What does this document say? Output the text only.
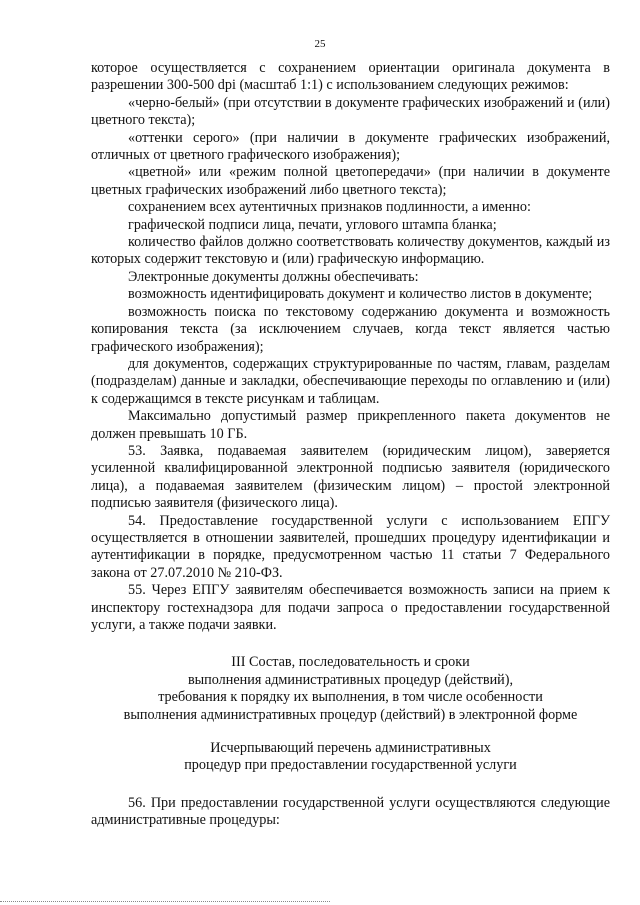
25

которое осуществляется с сохранением ориентации оригинала документа в разрешении 300-500 dpi (масштаб 1:1) с использованием следующих режимов:

«черно-белый» (при отсутствии в документе графических изображений и (или) цветного текста);

«оттенки серого» (при наличии в документе графических изображений, отличных от цветного графического изображения);

«цветной» или «режим полной цветопередачи» (при наличии в документе цветных графических изображений либо цветного текста);

сохранением всех аутентичных признаков подлинности, а именно:

графической подписи лица, печати, углового штампа бланка;

количество файлов должно соответствовать количеству документов, каждый из которых содержит текстовую и (или) графическую информацию.

Электронные документы должны обеспечивать:

возможность идентифицировать документ и количество листов в документе;

возможность поиска по текстовому содержанию документа и возможность копирования текста (за исключением случаев, когда текст является частью графического изображения);

для документов, содержащих структурированные по частям, главам, разделам (подразделам) данные и закладки, обеспечивающие переходы по оглавлению и (или) к содержащимся в тексте рисункам и таблицам.

Максимально допустимый размер прикрепленного пакета документов не должен превышать 10 ГБ.

53. Заявка, подаваемая заявителем (юридическим лицом), заверяется усиленной квалифицированной электронной подписью заявителя (юридического лица), а подаваемая заявителем (физическим лицом) – простой электронной подписью заявителя (физического лица).

54. Предоставление государственной услуги с использованием ЕПГУ осуществляется в отношении заявителей, прошедших процедуру идентификации и аутентификации в порядке, предусмотренном частью 11 статьи 7 Федерального закона от 27.07.2010 № 210-ФЗ.

55. Через ЕПГУ заявителям обеспечивается возможность записи на прием к инспектору гостехнадзора для подачи запроса о предоставлении государственной услуги, а также подачи заявки.

III Состав, последовательность и сроки
выполнения административных процедур (действий),
требования к порядку их выполнения, в том числе особенности
выполнения административных процедур (действий) в электронной форме
Исчерпывающий перечень административных
процедур при предоставлении государственной услуги

56. При предоставлении государственной услуги осуществляются следующие административные процедуры:
